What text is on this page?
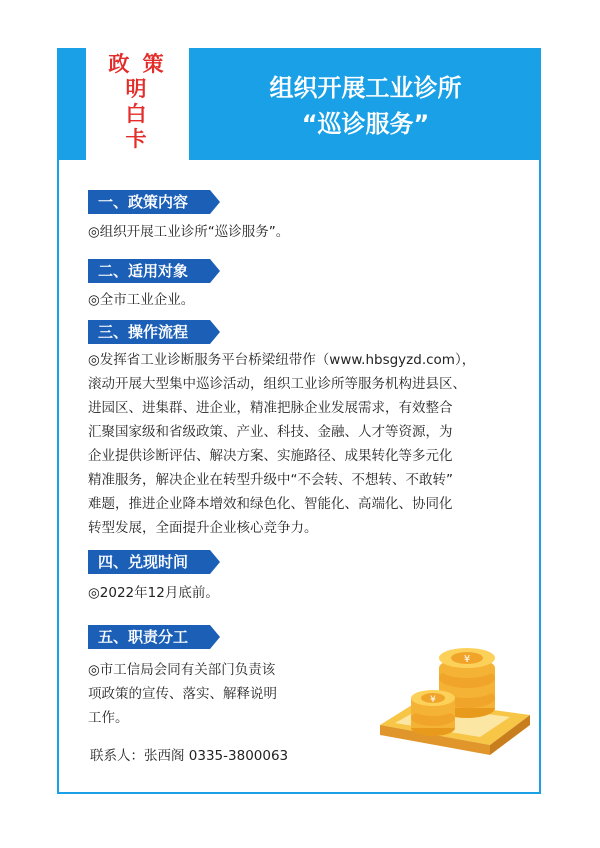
政 策
明
白
卡
组织开展工业诊所
“巡诊服务”
一、政策内容
◎组织开展工业诊所“巡诊服务”。
二、适用对象
◎全市工业企业。
三、操作流程
◎发挥省工业诊断服务平台桥梁纽带作（www.hbsgyzd.com），
滚动开展大型集中巡诊活动，组织工业诊所等服务机构进县区、
进园区、进集群、进企业，精准把脉企业发展需求，有效整合
汇聚国家级和省级政策、产业、科技、金融、人才等资源，为
企业提供诊断评估、解决方案、实施路径、成果转化等多元化
精准服务，解决企业在转型升级中“不会转、不想转、不敢转”
难题，推进企业降本增效和绿色化、智能化、高端化、协同化
转型发展，全面提升企业核心竞争力。
四、兑现时间
◎2022年12月底前。
五、职责分工
◎市工信局会同有关部门负责该
项政策的宣传、落实、解释说明
工作。
联系人：张西阁 0335-3800063
¥
¥
